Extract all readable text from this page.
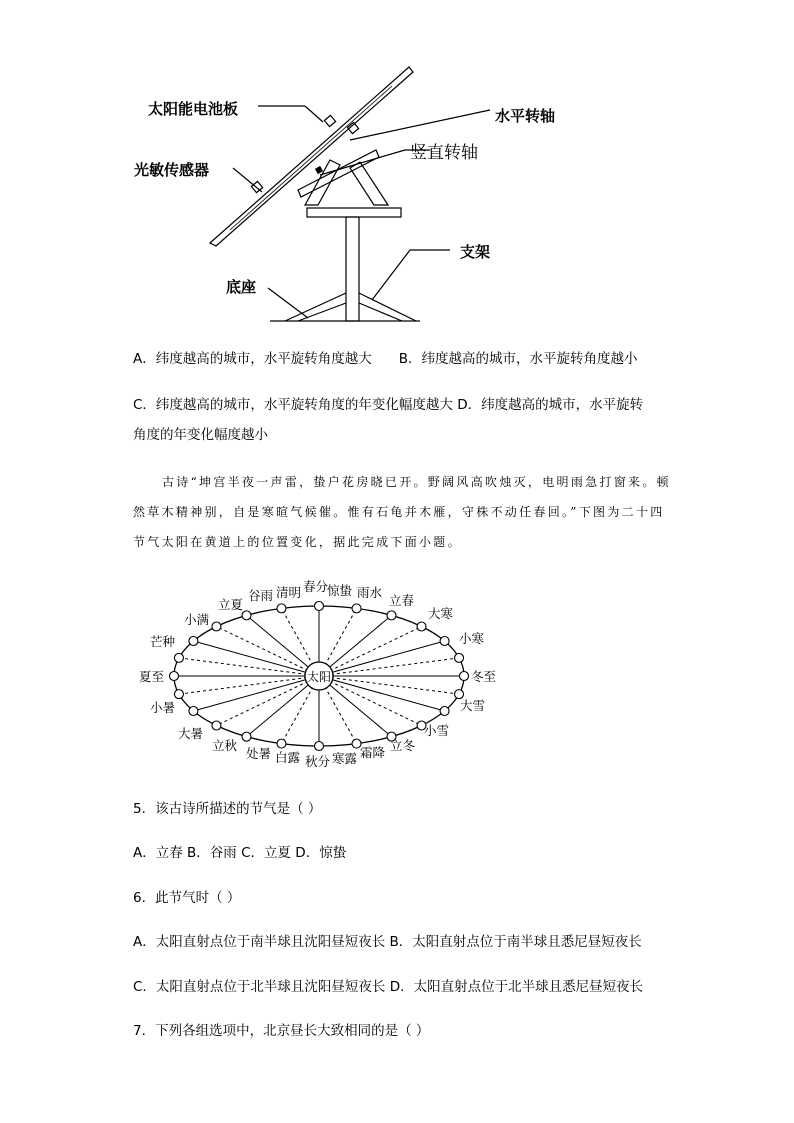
太阳能电池板	水平转轴
光敏传感器
竖直转轴
支架
底座
A．纬度越高的城市，水平旋转角度越大　　B．纬度越高的城市，水平旋转角度越小
C．纬度越高的城市，水平旋转角度的年变化幅度越大 D．纬度越高的城市，水平旋转
角度的年变化幅度越小
古诗“坤宫半夜一声雷，蛰户花房晓已开。野阔风高吹烛灭，电明雨急打窗来。顿
然草木精神别，自是寒暄气候催。惟有石龟并木雁，守株不动任春回。”下图为二十四
节气太阳在黄道上的位置变化，据此完成下面小题。
太阳
春分
惊蛰 雨水
立春
大寒
小寒
冬至
大雪
小雪
立冬
霜降
寒露
秋分
白露
处暑
立秋
大暑
小暑
夏至
芒种
小满
立夏
谷雨 清明
5．该古诗所描述的节气是（ ）
A．立春 B．谷雨 C．立夏 D．惊蛰
6．此节气时（ ）
A．太阳直射点位于南半球且沈阳昼短夜长 B．太阳直射点位于南半球且悉尼昼短夜长
C．太阳直射点位于北半球且沈阳昼短夜长 D．太阳直射点位于北半球且悉尼昼短夜长
7．下列各组选项中，北京昼长大致相同的是（ ）
